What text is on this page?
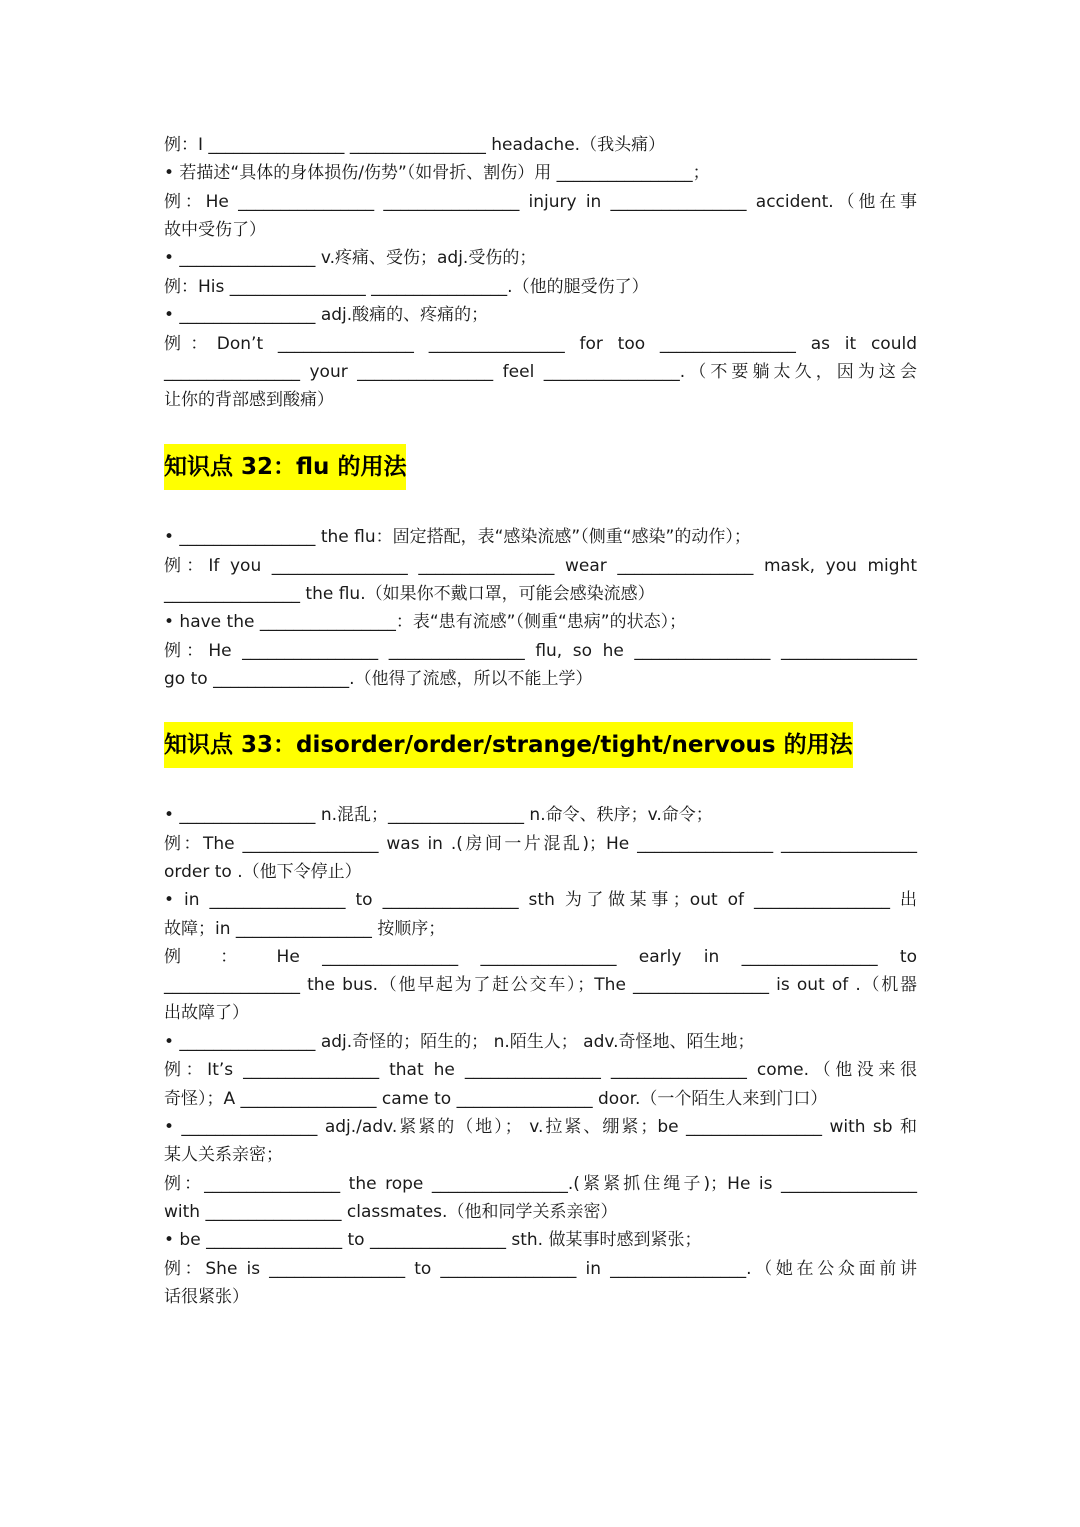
例：I ________________ ________________ headache.（我头痛）
• 若描述“具体的身体损伤/伤势”（如骨折、割伤）用 ________________；
例：He ________________ ________________ injury in ________________ accident.（他在事
故中受伤了）
• ________________ v.疼痛、受伤；adj.受伤的；
例：His ________________ ________________.（他的腿受伤了）
• ________________ adj.酸痛的、疼痛的；
例：Don’t ________________ ________________ for too ________________ as it could
________________ your ________________ feel ________________.（不要躺太久，因为这会
让你的背部感到酸痛）
• ________________ the flu：固定搭配，表“感染流感”（侧重“感染”的动作）；
例：If you ________________ ________________ wear ________________ mask, you might
________________ the flu.（如果你不戴口罩，可能会感染流感）
• have the ________________：表“患有流感”（侧重“患病”的状态）；
例：He ________________ ________________ flu, so he ________________ ________________
go to ________________.（他得了流感，所以不能上学）
• ________________ n.混乱；________________ n.命令、秩序；v.命令；
例：The ________________ was in .(房间一片混乱)；He ________________ ________________
order to .（他下令停止）
• in ________________ to ________________ sth 为了做某事；out of ________________ 出
故障；in ________________ 按顺序；
例 ： He ________________ ________________ early in ________________ to
________________ the bus.（他早起为了赶公交车）；The ________________ is out of .（机器
出故障了）
• ________________ adj.奇怪的；陌生的； n.陌生人； adv.奇怪地、陌生地；
例：It’s ________________ that he ________________ ________________ come.（他没来很
奇怪）；A ________________ came to ________________ door.（一个陌生人来到门口）
• ________________ adj./adv.紧紧的（地）； v.拉紧、绷紧；be ________________ with sb 和
某人关系亲密；
例：________________ the rope ________________.(紧紧抓住绳子)；He is ________________
with ________________ classmates.（他和同学关系亲密）
• be ________________ to ________________ sth. 做某事时感到紧张；
例：She is ________________ to ________________ in ________________.（她在公众面前讲
话很紧张）
知识点 32：flu 的用法
知识点 33：disorder/order/strange/tight/nervous 的用法
